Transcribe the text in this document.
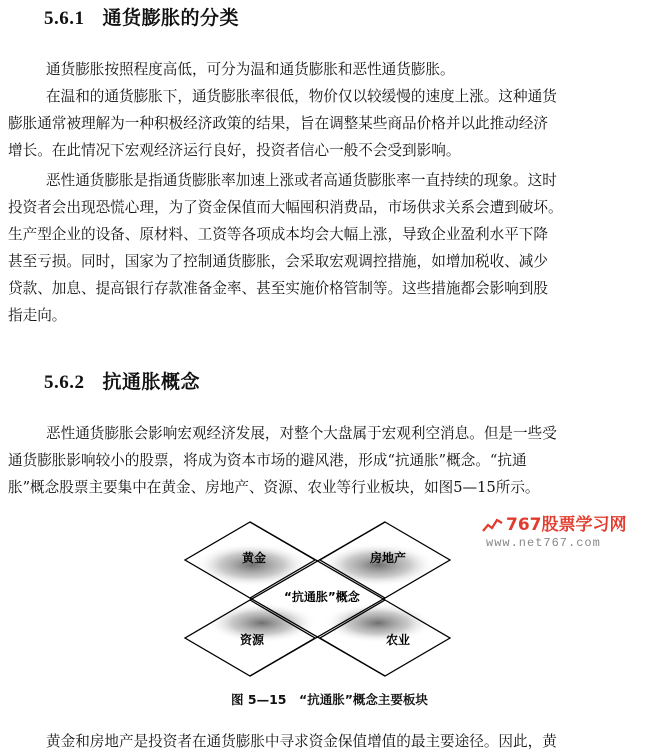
5.6.1 通货膨胀的分类
通货膨胀按照程度高低，可分为温和通货膨胀和恶性通货膨胀。
在温和的通货膨胀下，通货膨胀率很低，物价仅以较缓慢的速度上涨。这种通货
膨胀通常被理解为一种积极经济政策的结果，旨在调整某些商品价格并以此推动经济
增长。在此情况下宏观经济运行良好，投资者信心一般不会受到影响。
恶性通货膨胀是指通货膨胀率加速上涨或者高通货膨胀率一直持续的现象。这时
投资者会出现恐慌心理，为了资金保值而大幅囤积消费品，市场供求关系会遭到破坏。
生产型企业的设备、原材料、工资等各项成本均会大幅上涨，导致企业盈利水平下降
甚至亏损。同时，国家为了控制通货膨胀，会采取宏观调控措施，如增加税收、减少
贷款、加息、提高银行存款准备金率、甚至实施价格管制等。这些措施都会影响到股
指走向。
5.6.2 抗通胀概念
恶性通货膨胀会影响宏观经济发展，对整个大盘属于宏观利空消息。但是一些受
通货膨胀影响较小的股票，将成为资本市场的避风港，形成“抗通胀”概念。“抗通
胀”概念股票主要集中在黄金、房地产、资源、农业等行业板块，如图5—15所示。
767股票学习网
www.net767.com
黄金	房地产
“抗通胀”概念
资源	农业
图 5—15　“抗通胀”概念主要板块
黄金和房地产是投资者在通货膨胀中寻求资金保值增值的最主要途径。因此，黄
